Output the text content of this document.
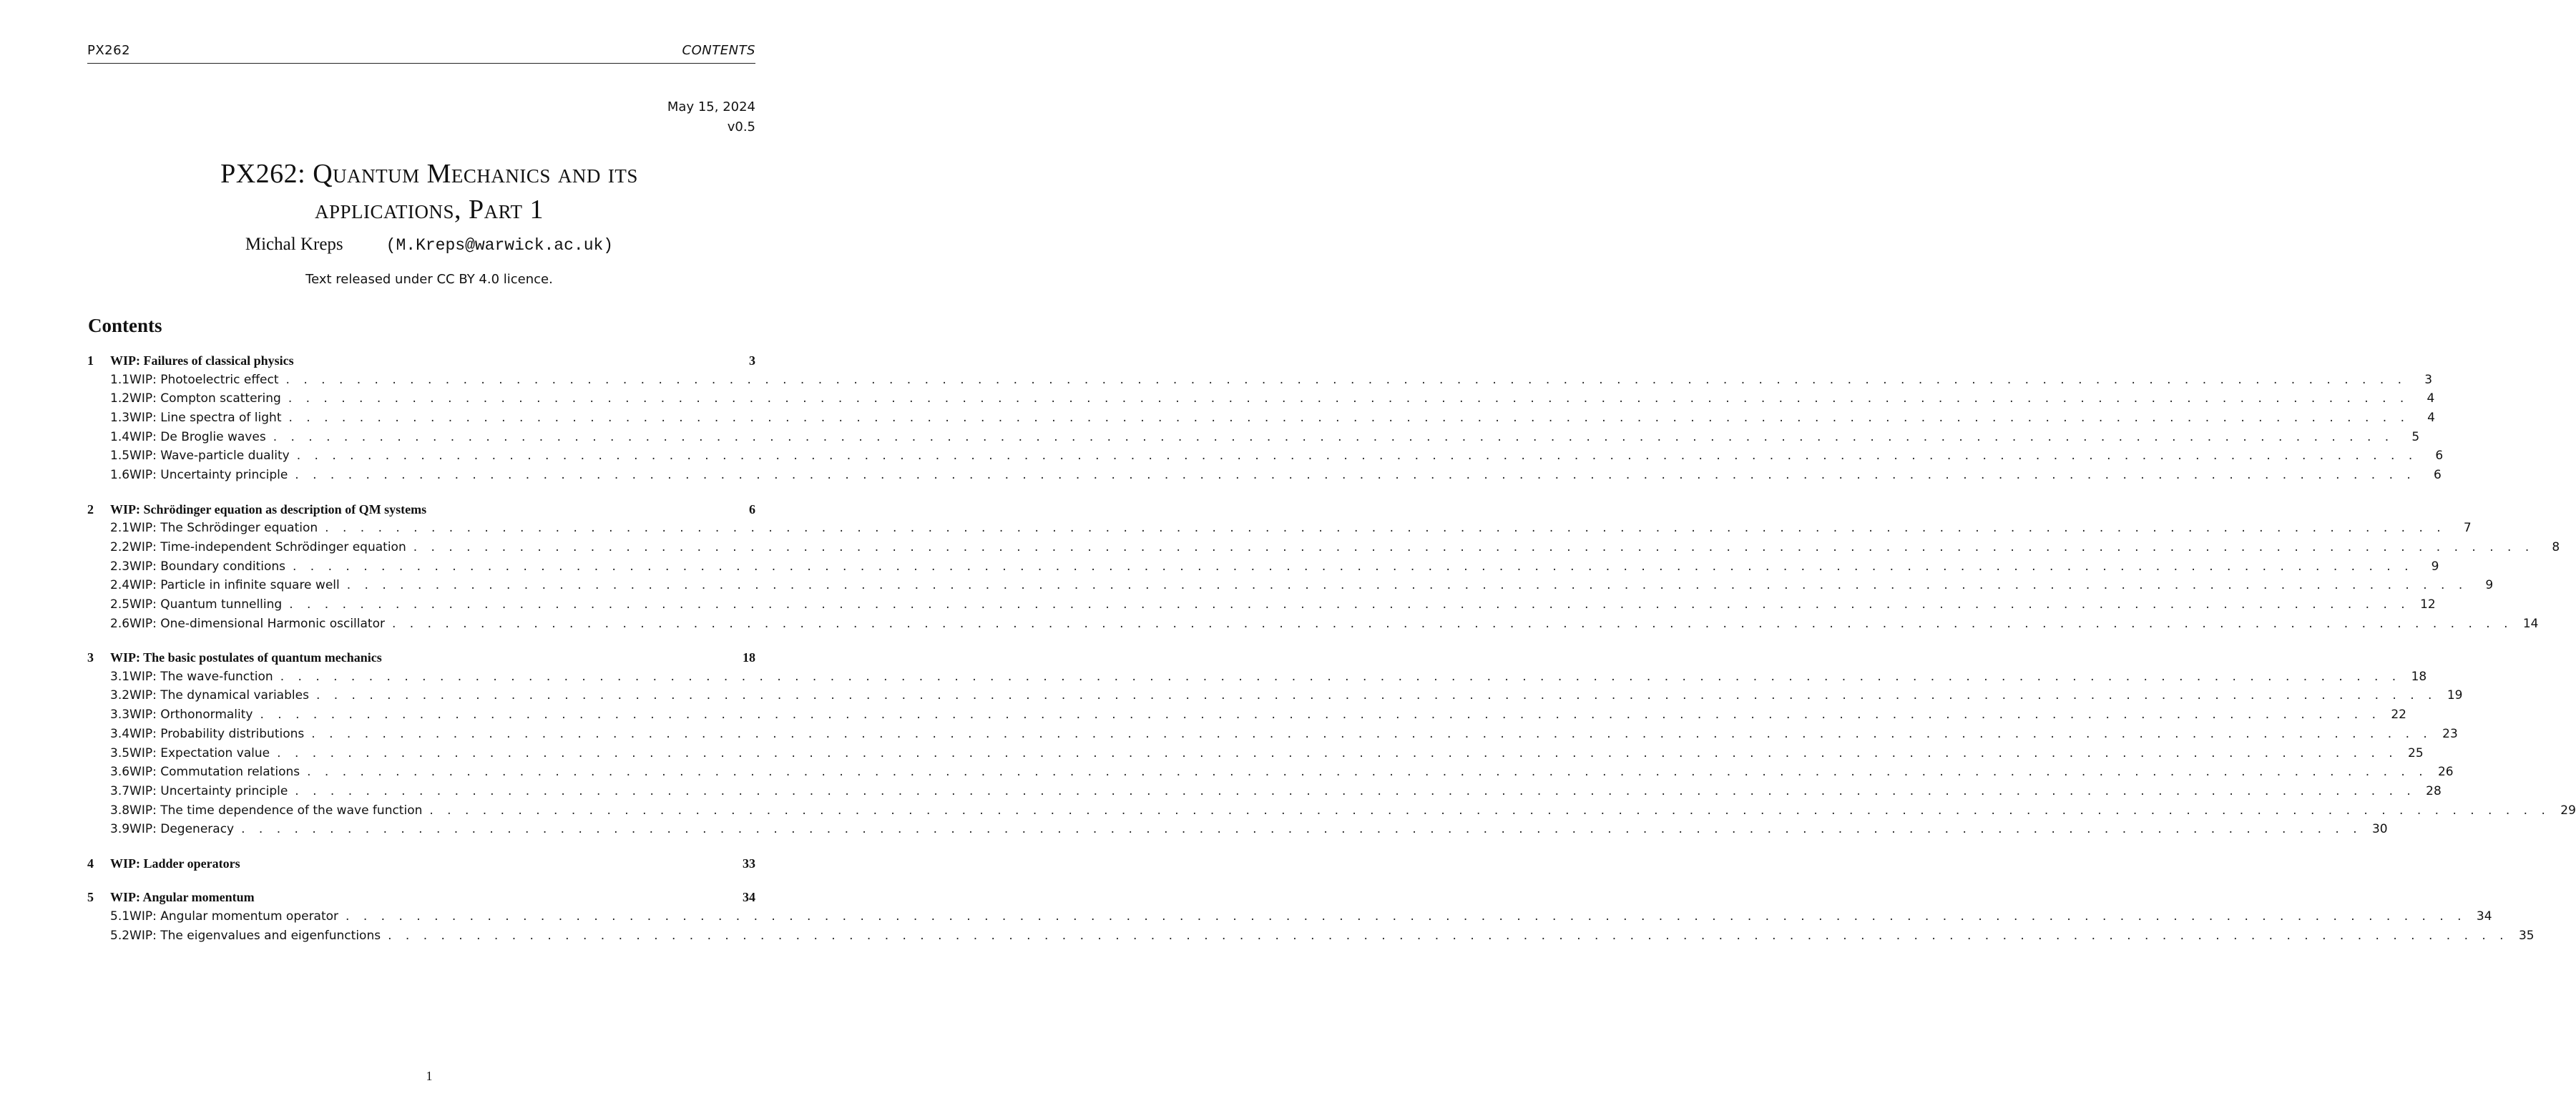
PX262	CONTENTS
May 15, 2024
v0.5
PX262: Quantum Mechanics and its
applications, Part 1
Michal Kreps	(M.Kreps@warwick.ac.uk)
Text released under CC BY 4.0 licence.
Contents
1	WIP: Failures of classical physics	3
1.1 WIP: Photoelectric effect . . . . . . . . . . . . . . . . . . . . . . . . . . . . . . . . . . . . . . . . . . . . . . . . . . . . . . . . . . . . . . . . . . . . . . . . . . . . . . . . . . . . . . . . . . . . . . . . . . . . . . . . . . . . . . . . . . . . . . . .	3
1.2 WIP: Compton scattering . . . . . . . . . . . . . . . . . . . . . . . . . . . . . . . . . . . . . . . . . . . . . . . . . . . . . . . . . . . . . . . . . . . . . . . . . . . . . . . . . . . . . . . . . . . . . . . . . . . . . . . . . . . . . . . . . . . . . . . .	4
1.3 WIP: Line spectra of light . . . . . . . . . . . . . . . . . . . . . . . . . . . . . . . . . . . . . . . . . . . . . . . . . . . . . . . . . . . . . . . . . . . . . . . . . . . . . . . . . . . . . . . . . . . . . . . . . . . . . . . . . . . . . . . . . . . . . . . .	4
1.4 WIP: De Broglie waves . . . . . . . . . . . . . . . . . . . . . . . . . . . . . . . . . . . . . . . . . . . . . . . . . . . . . . . . . . . . . . . . . . . . . . . . . . . . . . . . . . . . . . . . . . . . . . . . . . . . . . . . . . . . . . . . . . . . . . . .	5
1.5 WIP: Wave-particle duality . . . . . . . . . . . . . . . . . . . . . . . . . . . . . . . . . . . . . . . . . . . . . . . . . . . . . . . . . . . . . . . . . . . . . . . . . . . . . . . . . . . . . . . . . . . . . . . . . . . . . . . . . . . . . . . . . . . . . . . .	6
1.6 WIP: Uncertainty principle . . . . . . . . . . . . . . . . . . . . . . . . . . . . . . . . . . . . . . . . . . . . . . . . . . . . . . . . . . . . . . . . . . . . . . . . . . . . . . . . . . . . . . . . . . . . . . . . . . . . . . . . . . . . . . . . . . . . . . . .	6
2	WIP: Schrödinger equation as description of QM systems	6
2.1 WIP: The Schrödinger equation . . . . . . . . . . . . . . . . . . . . . . . . . . . . . . . . . . . . . . . . . . . . . . . . . . . . . . . . . . . . . . . . . . . . . . . . . . . . . . . . . . . . . . . . . . . . . . . . . . . . . . . . . . . . . . . . . . . . . . . .	7
2.2 WIP: Time-independent Schrödinger equation . . . . . . . . . . . . . . . . . . . . . . . . . . . . . . . . . . . . . . . . . . . . . . . . . . . . . . . . . . . . . . . . . . . . . . . . . . . . . . . . . . . . . . . . . . . . . . . . . . . . . . . . . . . . . . . . . . . . . . . .	8
2.3 WIP: Boundary conditions . . . . . . . . . . . . . . . . . . . . . . . . . . . . . . . . . . . . . . . . . . . . . . . . . . . . . . . . . . . . . . . . . . . . . . . . . . . . . . . . . . . . . . . . . . . . . . . . . . . . . . . . . . . . . . . . . . . . . . . .	9
2.4 WIP: Particle in infinite square well . . . . . . . . . . . . . . . . . . . . . . . . . . . . . . . . . . . . . . . . . . . . . . . . . . . . . . . . . . . . . . . . . . . . . . . . . . . . . . . . . . . . . . . . . . . . . . . . . . . . . . . . . . . . . . . . . . . . . . . .	9
2.5 WIP: Quantum tunnelling . . . . . . . . . . . . . . . . . . . . . . . . . . . . . . . . . . . . . . . . . . . . . . . . . . . . . . . . . . . . . . . . . . . . . . . . . . . . . . . . . . . . . . . . . . . . . . . . . . . . . . . . . . . . . . . . . . . . . . . . 12
2.6 WIP: One-dimensional Harmonic oscillator . . . . . . . . . . . . . . . . . . . . . . . . . . . . . . . . . . . . . . . . . . . . . . . . . . . . . . . . . . . . . . . . . . . . . . . . . . . . . . . . . . . . . . . . . . . . . . . . . . . . . . . . . . . . . . . . . . . . . . . . 14
3	WIP: The basic postulates of quantum mechanics	18
3.1 WIP: The wave-function . . . . . . . . . . . . . . . . . . . . . . . . . . . . . . . . . . . . . . . . . . . . . . . . . . . . . . . . . . . . . . . . . . . . . . . . . . . . . . . . . . . . . . . . . . . . . . . . . . . . . . . . . . . . . . . . . . . . . . . . 18
3.2 WIP: The dynamical variables . . . . . . . . . . . . . . . . . . . . . . . . . . . . . . . . . . . . . . . . . . . . . . . . . . . . . . . . . . . . . . . . . . . . . . . . . . . . . . . . . . . . . . . . . . . . . . . . . . . . . . . . . . . . . . . . . . . . . . . . 19
3.3 WIP: Orthonormality . . . . . . . . . . . . . . . . . . . . . . . . . . . . . . . . . . . . . . . . . . . . . . . . . . . . . . . . . . . . . . . . . . . . . . . . . . . . . . . . . . . . . . . . . . . . . . . . . . . . . . . . . . . . . . . . . . . . . . . . 22
3.4 WIP: Probability distributions . . . . . . . . . . . . . . . . . . . . . . . . . . . . . . . . . . . . . . . . . . . . . . . . . . . . . . . . . . . . . . . . . . . . . . . . . . . . . . . . . . . . . . . . . . . . . . . . . . . . . . . . . . . . . . . . . . . . . . . . 23
3.5 WIP: Expectation value . . . . . . . . . . . . . . . . . . . . . . . . . . . . . . . . . . . . . . . . . . . . . . . . . . . . . . . . . . . . . . . . . . . . . . . . . . . . . . . . . . . . . . . . . . . . . . . . . . . . . . . . . . . . . . . . . . . . . . . . 25
3.6 WIP: Commutation relations . . . . . . . . . . . . . . . . . . . . . . . . . . . . . . . . . . . . . . . . . . . . . . . . . . . . . . . . . . . . . . . . . . . . . . . . . . . . . . . . . . . . . . . . . . . . . . . . . . . . . . . . . . . . . . . . . . . . . . . . 26
3.7 WIP: Uncertainty principle . . . . . . . . . . . . . . . . . . . . . . . . . . . . . . . . . . . . . . . . . . . . . . . . . . . . . . . . . . . . . . . . . . . . . . . . . . . . . . . . . . . . . . . . . . . . . . . . . . . . . . . . . . . . . . . . . . . . . . . . 28
3.8 WIP: The time dependence of the wave function . . . . . . . . . . . . . . . . . . . . . . . . . . . . . . . . . . . . . . . . . . . . . . . . . . . . . . . . . . . . . . . . . . . . . . . . . . . . . . . . . . . . . . . . . . . . . . . . . . . . . . . . . . . . . . . . . . . . . . . . 29
3.9 WIP: Degeneracy . . . . . . . . . . . . . . . . . . . . . . . . . . . . . . . . . . . . . . . . . . . . . . . . . . . . . . . . . . . . . . . . . . . . . . . . . . . . . . . . . . . . . . . . . . . . . . . . . . . . . . . . . . . . . . . . . . . . . . . . 30
4	WIP: Ladder operators	33
5	WIP: Angular momentum	34
5.1 WIP: Angular momentum operator . . . . . . . . . . . . . . . . . . . . . . . . . . . . . . . . . . . . . . . . . . . . . . . . . . . . . . . . . . . . . . . . . . . . . . . . . . . . . . . . . . . . . . . . . . . . . . . . . . . . . . . . . . . . . . . . . . . . . . . . 34
5.2 WIP: The eigenvalues and eigenfunctions . . . . . . . . . . . . . . . . . . . . . . . . . . . . . . . . . . . . . . . . . . . . . . . . . . . . . . . . . . . . . . . . . . . . . . . . . . . . . . . . . . . . . . . . . . . . . . . . . . . . . . . . . . . . . . . . . . . . . . . . 35
1
